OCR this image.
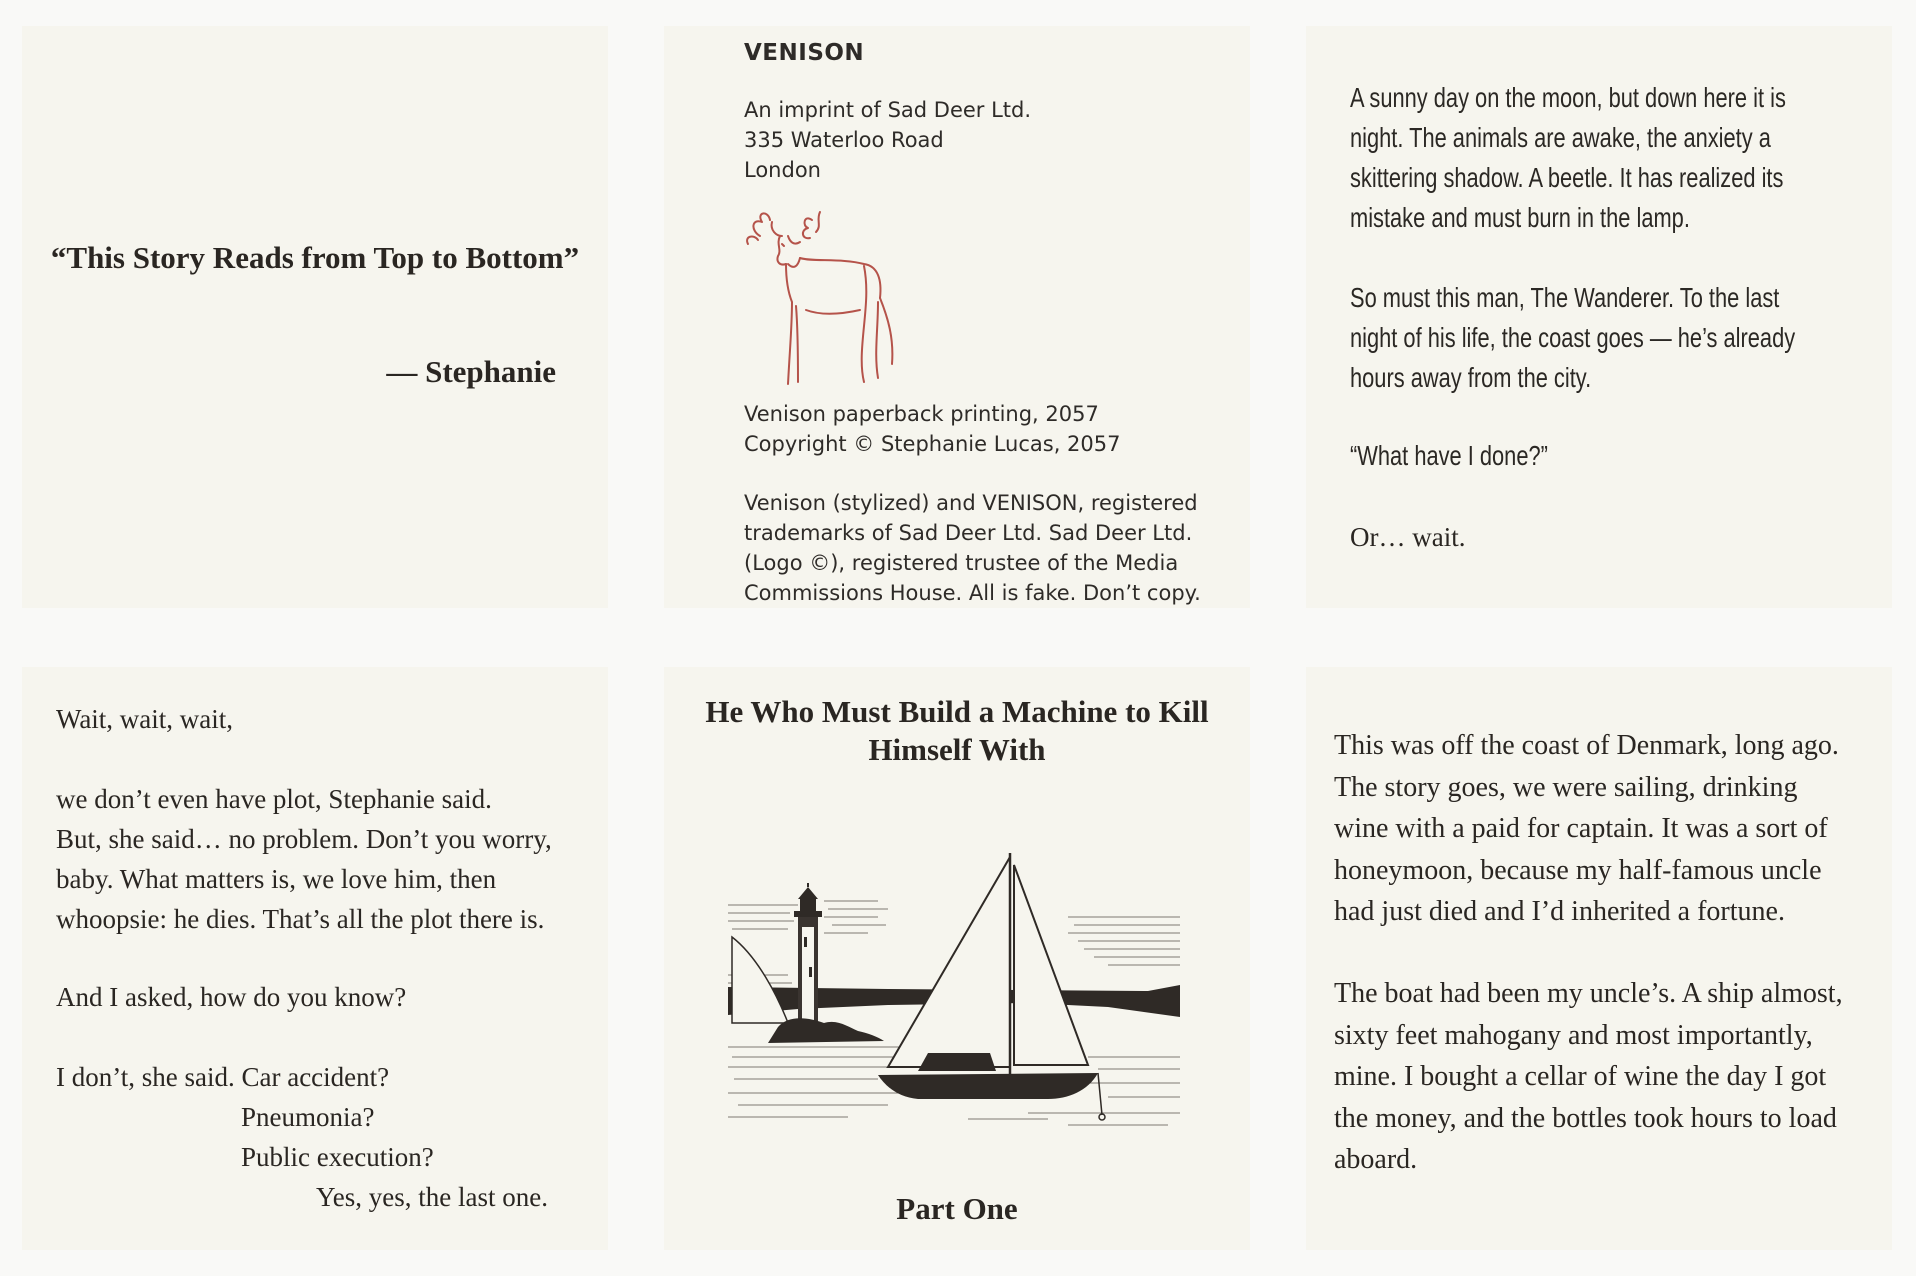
“This Story Reads from Top to Bottom”
— Stephanie
VENISON
An imprint of Sad Deer Ltd.
335 Waterloo Road
London
Venison paperback printing, 2057
Copyright © Stephanie Lucas, 2057
Venison (stylized) and VENISON, registered
trademarks of Sad Deer Ltd. Sad Deer Ltd.
(Logo ©), registered trustee of the Media
Commissions House. All is fake. Don’t copy.
A sunny day on the moon, but down here it is
night. The animals are awake, the anxiety a
skittering shadow. A beetle. It has realized its
mistake and must burn in the lamp.
So must this man, The Wanderer. To the last
night of his life, the coast goes — he’s already
hours away from the city.
“What have I done?”
Or… wait.
Wait, wait, wait,
we don’t even have plot, Stephanie said.
But, she said… no problem. Don’t you worry,
baby. What matters is, we love him, then
whoopsie: he dies. That’s all the plot there is.
And I asked, how do you know?
I don’t, she said. Car accident?
Pneumonia?
Public execution?
Yes, yes, the last one.
He Who Must Build a Machine to Kill
Himself With
Part One
This was off the coast of Denmark, long ago.
The story goes, we were sailing, drinking
wine with a paid for captain. It was a sort of
honeymoon, because my half-famous uncle
had just died and I’d inherited a fortune.
The boat had been my uncle’s. A ship almost,
sixty feet mahogany and most importantly,
mine. I bought a cellar of wine the day I got
the money, and the bottles took hours to load
aboard.
